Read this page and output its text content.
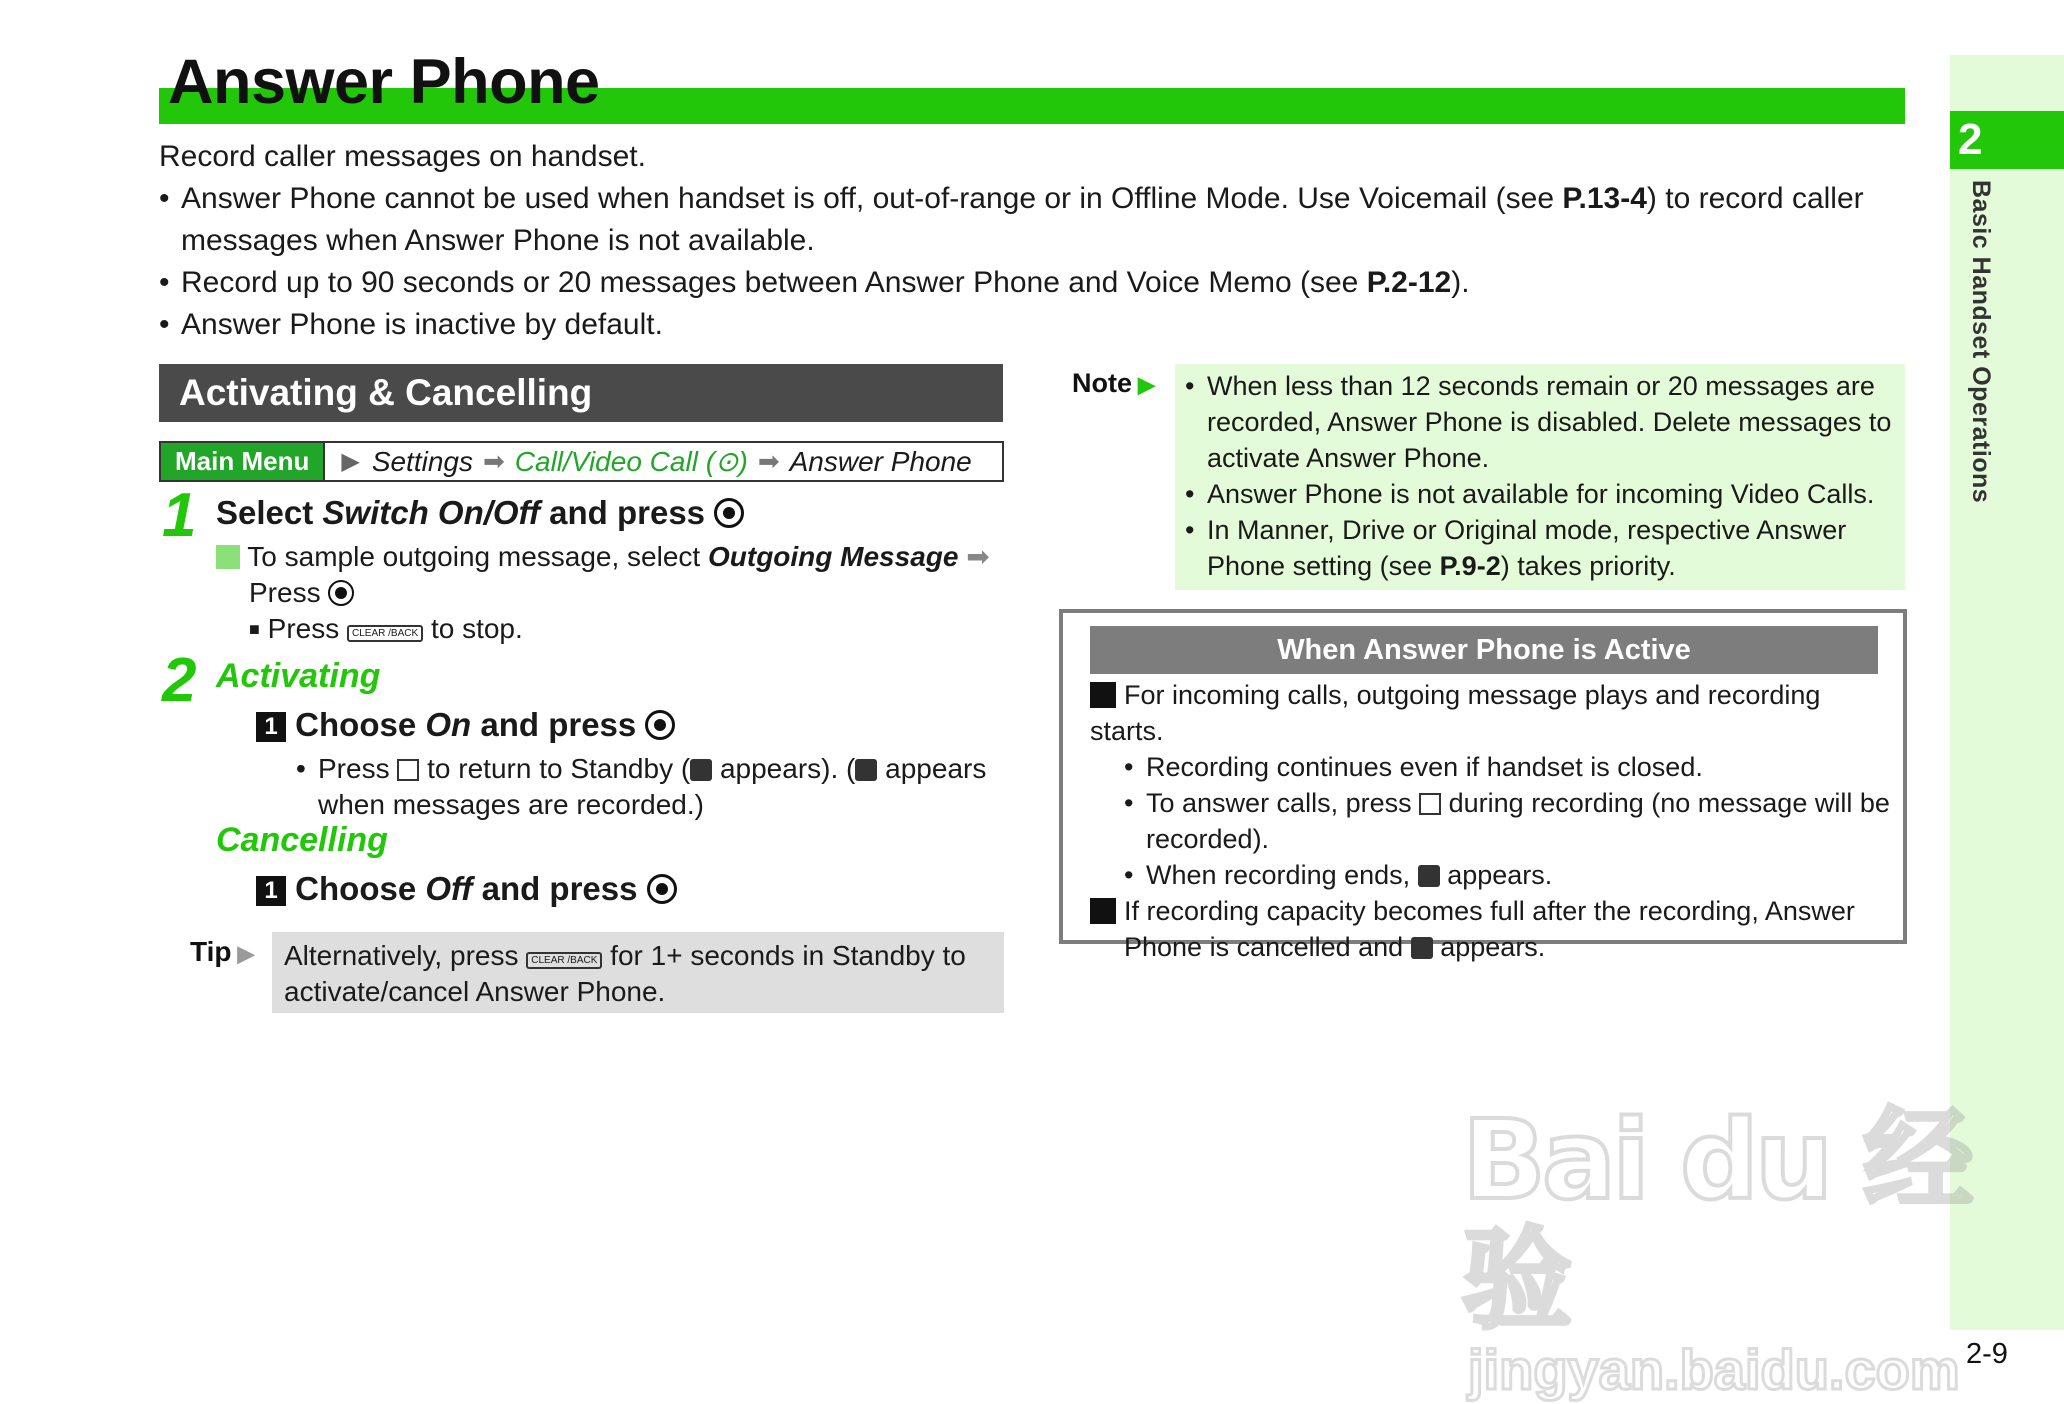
Answer Phone

Record caller messages on handset.

• Answer Phone cannot be used when handset is off, out-of-range or in Offline Mode. Use Voicemail (see P.13-4) to record caller messages when Answer Phone is not available.

• Record up to 90 seconds or 20 messages between Answer Phone and Voice Memo (see P.2-12).

• Answer Phone is inactive by default.

Activating & Cancelling
Main Menu	▶ Settings ➡ Call/Video Call (⊙) ➡ Answer Phone
1 Select Switch On/Off and press
To sample outgoing message, select Outgoing Message ➡
Press
■ Press CLEAR /BACK to stop.
2 Activating
1 Choose On and press
• Press to return to Standby ( appears). ( appears when messages are recorded.)
Cancelling
1 Choose Off and press
Tip ▶	Alternatively, press CLEAR /BACK for 1+ seconds in Standby to activate/cancel Answer Phone.
Note ▶

•	When less than 12 seconds remain or 20 messages are recorded, Answer Phone is disabled. Delete messages to activate Answer Phone.

• Answer Phone is not available for incoming Video Calls.

• In Manner, Drive or Original mode, respective Answer Phone setting (see P.9-2) takes priority.

When Answer Phone is Active

For incoming calls, outgoing message plays and recording starts.

• Recording continues even if handset is closed.

• To answer calls, press during recording (no message will be recorded).

• When recording ends, appears.

If recording capacity becomes full after the recording, Answer Phone is cancelled and appears.

2
Basic Handset Operations
Bai du 经验
jingyan.baidu.com 2-9
